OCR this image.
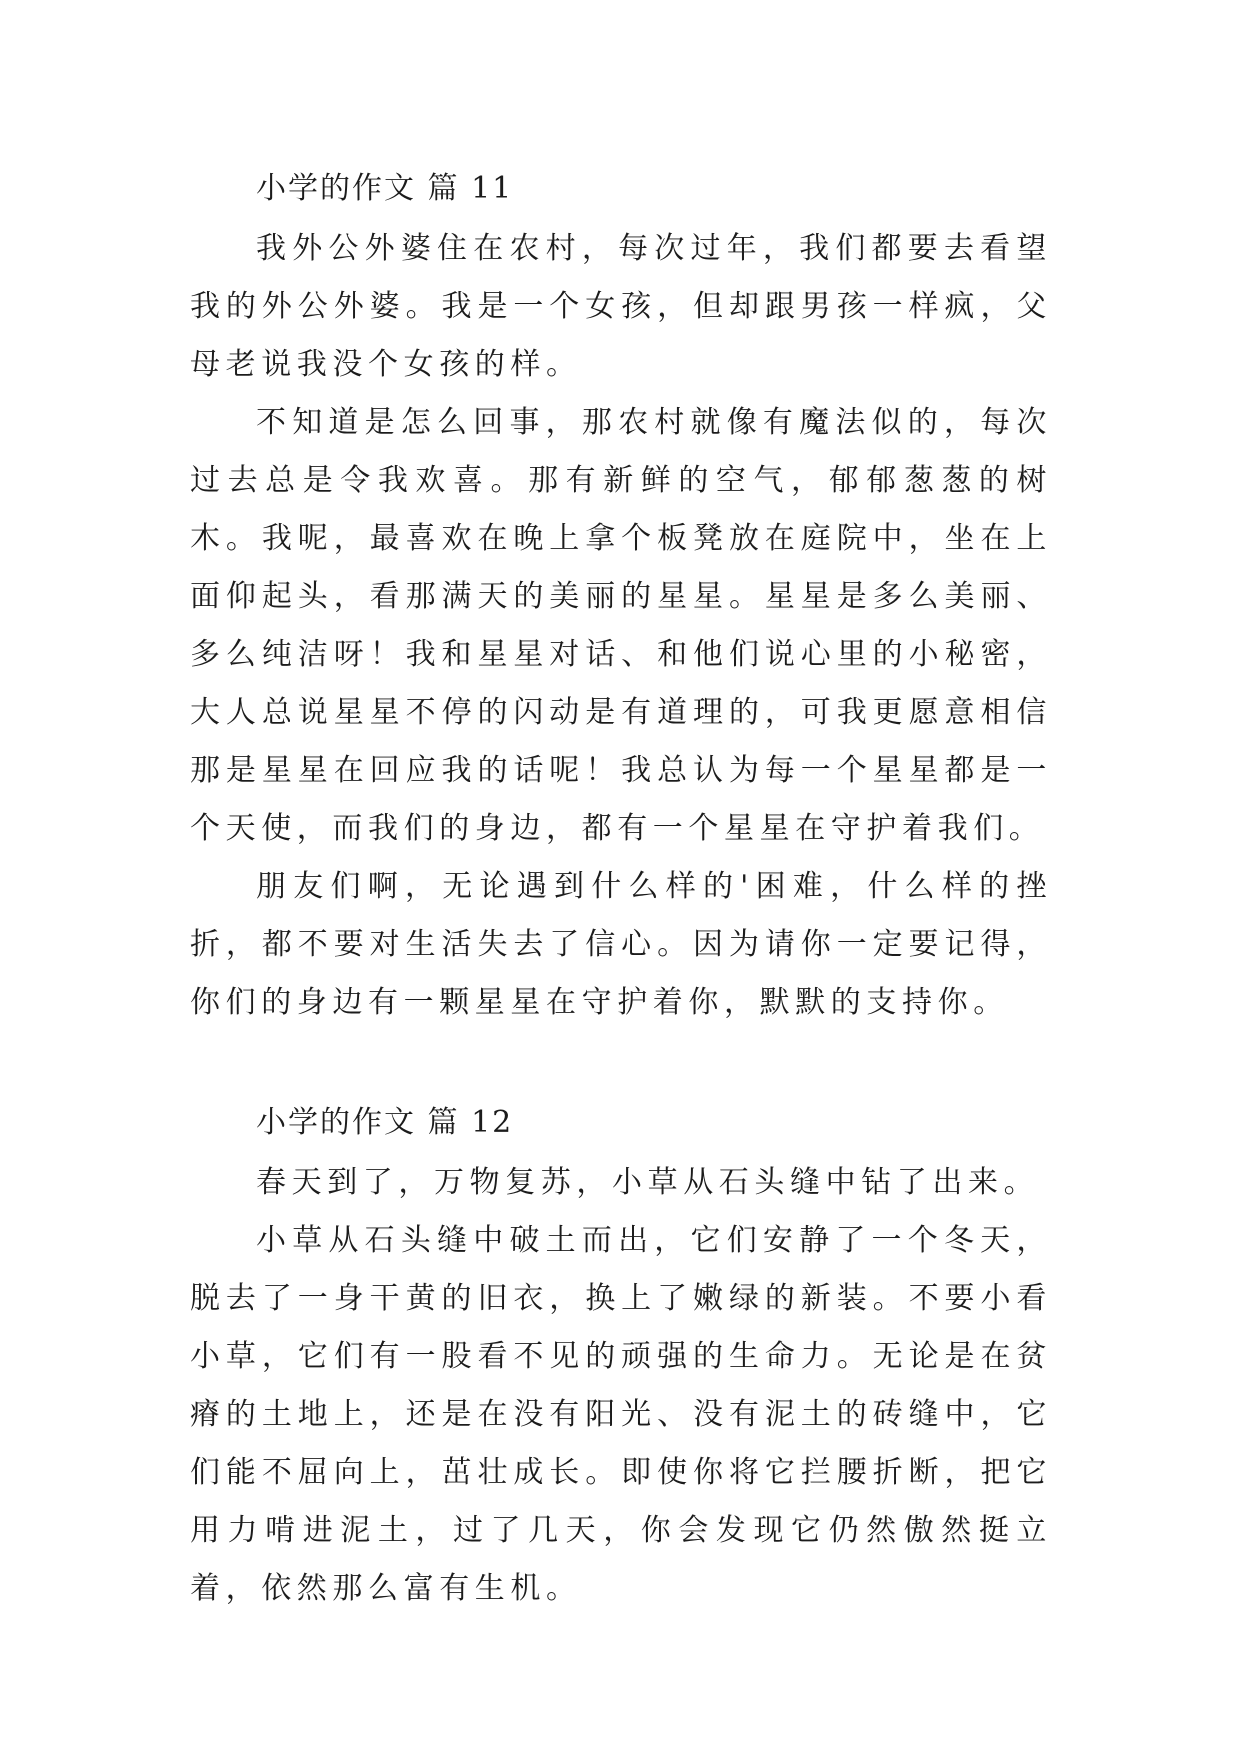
小学的作文 篇 11

我外公外婆住在农村，每次过年，我们都要去看望我的外公外婆。我是一个女孩，但却跟男孩一样疯，父母老说我没个女孩的样。

不知道是怎么回事，那农村就像有魔法似的，每次过去总是令我欢喜。那有新鲜的空气，郁郁葱葱的树木。我呢，最喜欢在晚上拿个板凳放在庭院中，坐在上面仰起头，看那满天的美丽的星星。星星是多么美丽、多么纯洁呀！我和星星对话、和他们说心里的小秘密，大人总说星星不停的闪动是有道理的，可我更愿意相信那是星星在回应我的话呢！我总认为每一个星星都是一个天使，而我们的身边，都有一个星星在守护着我们。

朋友们啊，无论遇到什么样的'困难，什么样的挫折，都不要对生活失去了信心。因为请你一定要记得，你们的身边有一颗星星在守护着你，默默的支持你。

小学的作文 篇 12

春天到了，万物复苏，小草从石头缝中钻了出来。

小草从石头缝中破土而出，它们安静了一个冬天，脱去了一身干黄的旧衣，换上了嫩绿的新装。不要小看小草，它们有一股看不见的顽强的生命力。无论是在贫瘠的土地上，还是在没有阳光、没有泥土的砖缝中，它们能不屈向上，茁壮成长。即使你将它拦腰折断，把它用力啃进泥土，过了几天，你会发现它仍然傲然挺立着，依然那么富有生机。
